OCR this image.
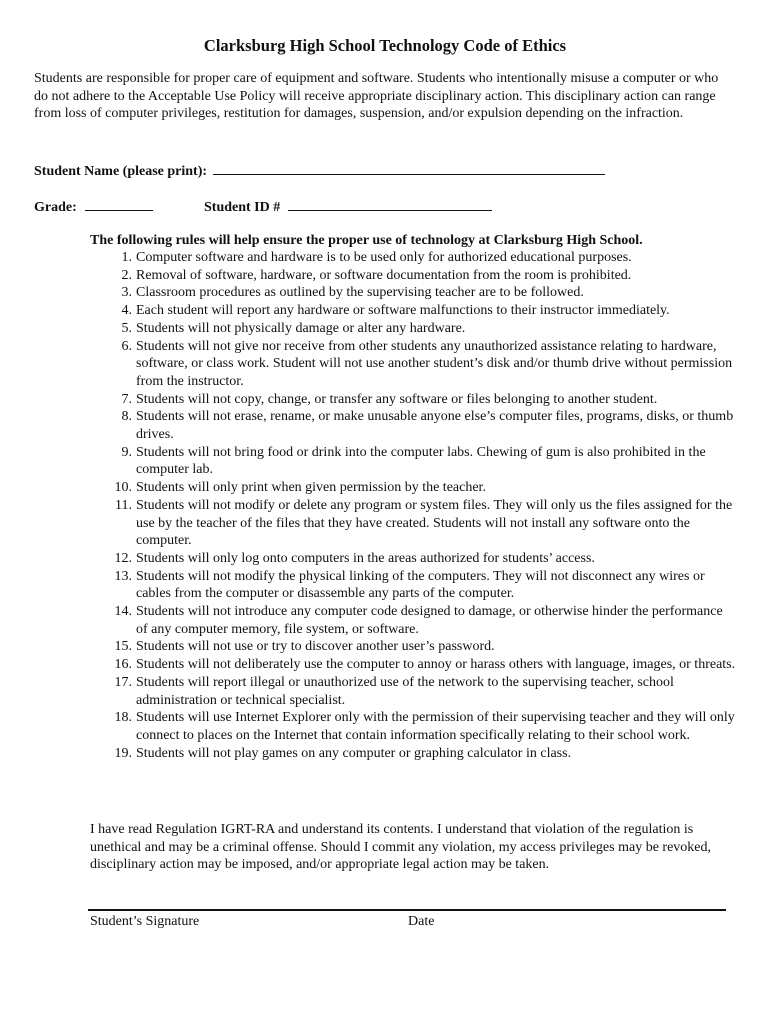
Clarksburg High School Technology Code of Ethics
Students are responsible for proper care of equipment and software. Students who intentionally misuse a computer or who do not adhere to the Acceptable Use Policy will receive appropriate disciplinary action. This disciplinary action can range from loss of computer privileges, restitution for damages, suspension, and/or expulsion depending on the infraction.
Student Name (please print):
Grade:	Student ID #
The following rules will help ensure the proper use of technology at Clarksburg High School.
1. Computer software and hardware is to be used only for authorized educational purposes.
2. Removal of software, hardware, or software documentation from the room is prohibited.
3. Classroom procedures as outlined by the supervising teacher are to be followed.
4. Each student will report any hardware or software malfunctions to their instructor immediately.
5. Students will not physically damage or alter any hardware.
6. Students will not give nor receive from other students any unauthorized assistance relating to hardware, software, or class work. Student will not use another student’s disk and/or thumb drive without permission from the instructor.
7. Students will not copy, change, or transfer any software or files belonging to another student.
8. Students will not erase, rename, or make unusable anyone else’s computer files, programs, disks, or thumb drives.
9. Students will not bring food or drink into the computer labs. Chewing of gum is also prohibited in the computer lab.
10. Students will only print when given permission by the teacher.
11. Students will not modify or delete any program or system files. They will only us the files assigned for the use by the teacher of the files that they have created. Students will not install any software onto the computer.
12. Students will only log onto computers in the areas authorized for students’ access.
13. Students will not modify the physical linking of the computers. They will not disconnect any wires or cables from the computer or disassemble any parts of the computer.
14. Students will not introduce any computer code designed to damage, or otherwise hinder the performance of any computer memory, file system, or software.
15. Students will not use or try to discover another user’s password.
16. Students will not deliberately use the computer to annoy or harass others with language, images, or threats.
17. Students will report illegal or unauthorized use of the network to the supervising teacher, school administration or technical specialist.
18. Students will use Internet Explorer only with the permission of their supervising teacher and they will only connect to places on the Internet that contain information specifically relating to their school work.
19. Students will not play games on any computer or graphing calculator in class.
I have read Regulation IGRT-RA and understand its contents. I understand that violation of the regulation is unethical and may be a criminal offense. Should I commit any violation, my access privileges may be revoked, disciplinary action may be imposed, and/or appropriate legal action may be taken.
Student’s Signature	Date
